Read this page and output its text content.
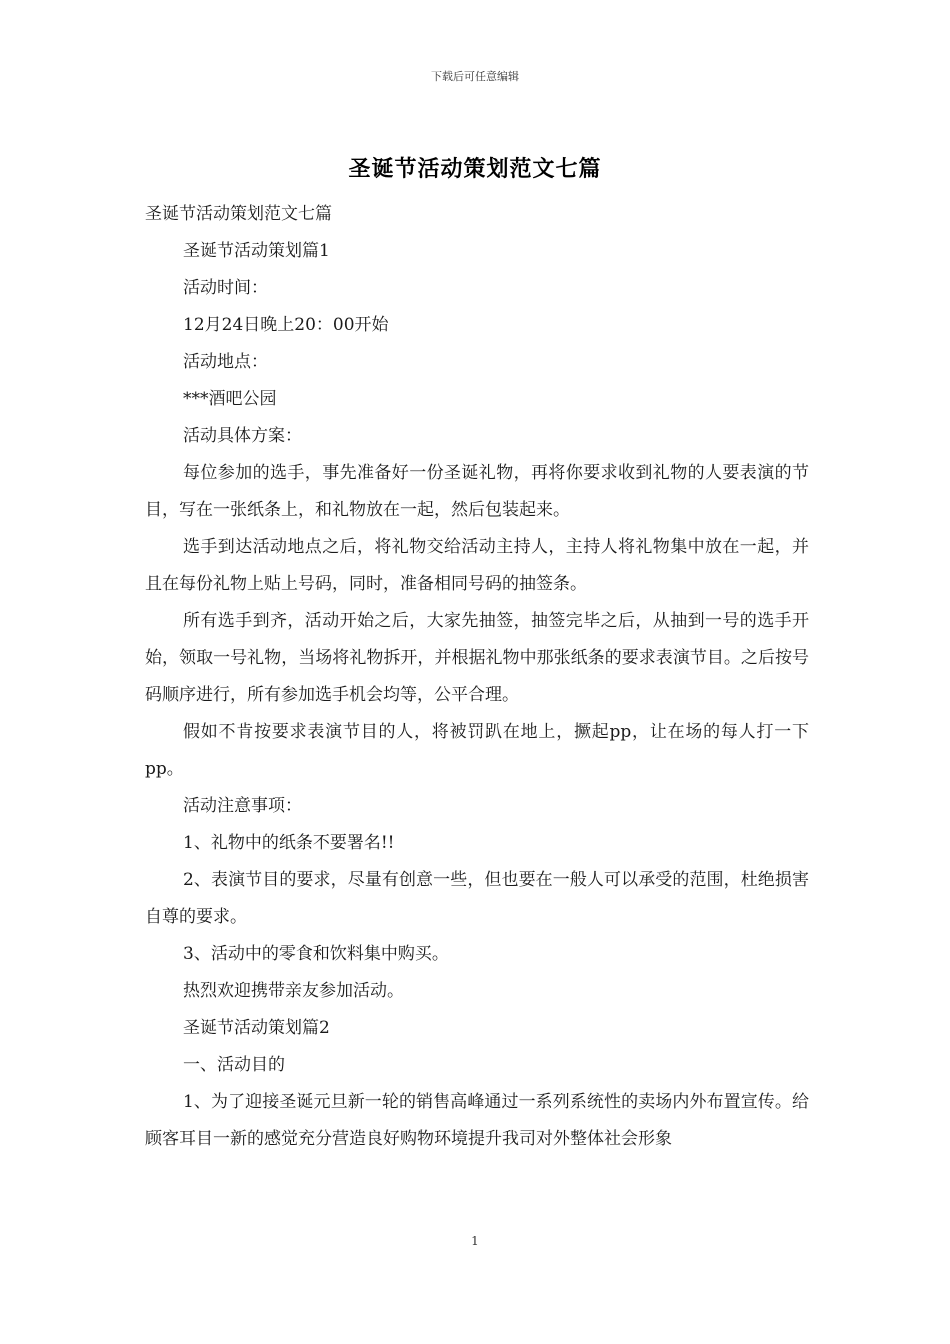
下载后可任意编辑
圣诞节活动策划范文七篇

圣诞节活动策划范文七篇

圣诞节活动策划篇1

活动时间：

12月24日晚上20：00开始

活动地点：

***酒吧公园

活动具体方案：

每位参加的选手，事先准备好一份圣诞礼物，再将你要求收到礼物的人要表演的节目，写在一张纸条上，和礼物放在一起，然后包装起来。

选手到达活动地点之后，将礼物交给活动主持人，主持人将礼物集中放在一起，并且在每份礼物上贴上号码，同时，准备相同号码的抽签条。

所有选手到齐，活动开始之后，大家先抽签，抽签完毕之后，从抽到一号的选手开始，领取一号礼物，当场将礼物拆开，并根据礼物中那张纸条的要求表演节目。之后按号码顺序进行，所有参加选手机会均等，公平合理。

假如不肯按要求表演节目的人，将被罚趴在地上，撅起pp，让在场的每人打一下pp。

活动注意事项：

1、礼物中的纸条不要署名!!

2、表演节目的要求，尽量有创意一些，但也要在一般人可以承受的范围，杜绝损害自尊的要求。

3、活动中的零食和饮料集中购买。

热烈欢迎携带亲友参加活动。

圣诞节活动策划篇2

一、活动目的

1、为了迎接圣诞元旦新一轮的销售高峰通过一系列系统性的卖场内外布置宣传。给顾客耳目一新的感觉充分营造良好购物环境提升我司对外整体社会形象

1
